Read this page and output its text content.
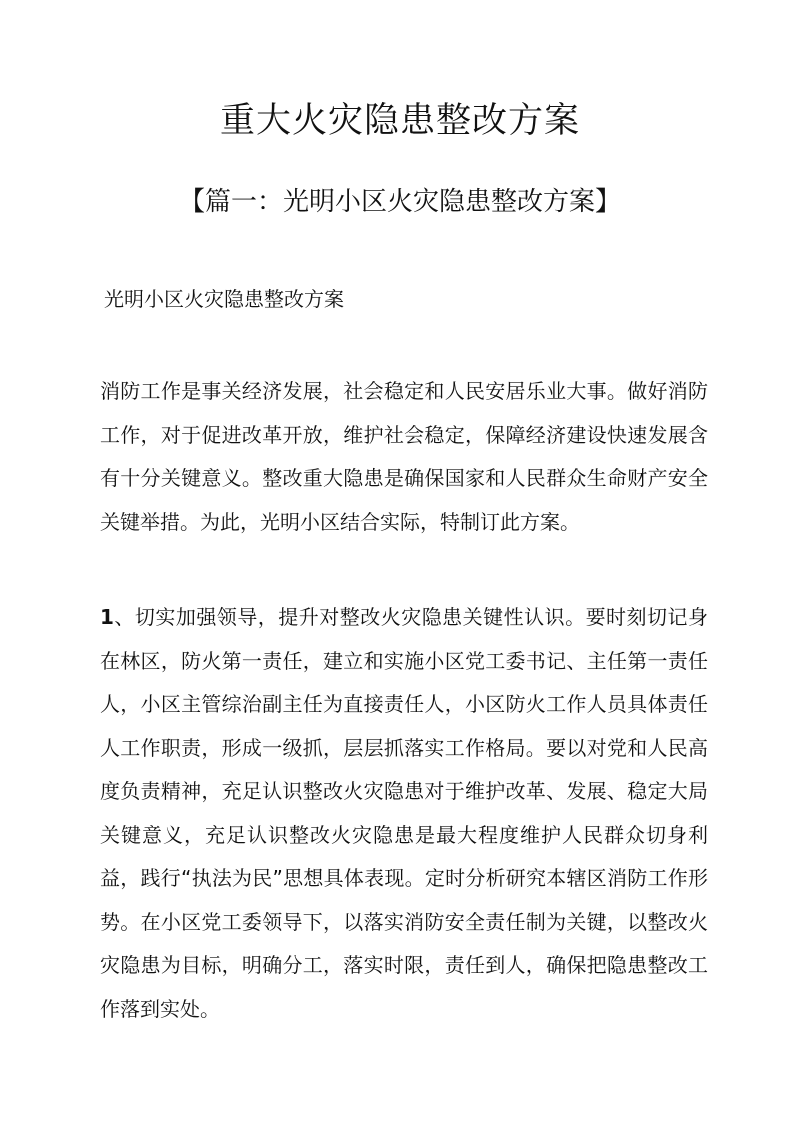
重大火灾隐患整改方案
【篇一：光明小区火灾隐患整改方案】
光明小区火灾隐患整改方案

消防工作是事关经济发展，社会稳定和人民安居乐业大事。做好消防工作，对于促进改革开放，维护社会稳定，保障经济建设快速发展含有十分关键意义。整改重大隐患是确保国家和人民群众生命财产安全关键举措。为此，光明小区结合实际，特制订此方案。

1、切实加强领导，提升对整改火灾隐患关键性认识。要时刻切记身在林区，防火第一责任，建立和实施小区党工委书记、主任第一责任人，小区主管综治副主任为直接责任人，小区防火工作人员具体责任人工作职责，形成一级抓，层层抓落实工作格局。要以对党和人民高度负责精神，充足认识整改火灾隐患对于维护改革、发展、稳定大局关键意义，充足认识整改火灾隐患是最大程度维护人民群众切身利益，践行“执法为民”思想具体表现。定时分析研究本辖区消防工作形势。在小区党工委领导下，以落实消防安全责任制为关键，以整改火灾隐患为目标，明确分工，落实时限，责任到人，确保把隐患整改工作落到实处。
